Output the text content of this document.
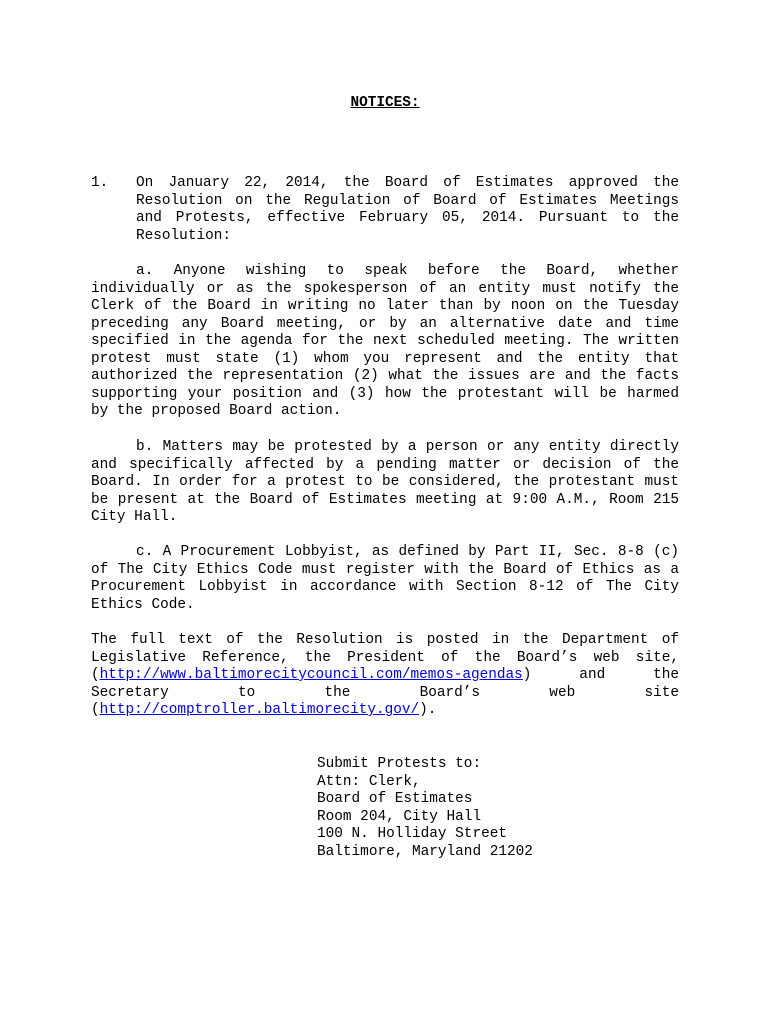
NOTICES:
1. On January 22, 2014, the Board of Estimates approved the Resolution on the Regulation of Board of Estimates Meetings and Protests, effective February 05, 2014. Pursuant to the Resolution:
a. Anyone wishing to speak before the Board, whether individually or as the spokesperson of an entity must notify the Clerk of the Board in writing no later than by noon on the Tuesday preceding any Board meeting, or by an alternative date and time specified in the agenda for the next scheduled meeting. The written protest must state (1) whom you represent and the entity that authorized the representation (2) what the issues are and the facts supporting your position and (3) how the protestant will be harmed by the proposed Board action.
b. Matters may be protested by a person or any entity directly and specifically affected by a pending matter or decision of the Board. In order for a protest to be considered, the protestant must be present at the Board of Estimates meeting at 9:00 A.M., Room 215 City Hall.
c. A Procurement Lobbyist, as defined by Part II, Sec. 8-8 (c) of The City Ethics Code must register with the Board of Ethics as a Procurement Lobbyist in accordance with Section 8-12 of The City Ethics Code.
The full text of the Resolution is posted in the Department of Legislative Reference, the President of the Board’s web site, (http://www.baltimorecitycouncil.com/memos-agendas) and the Secretary to the Board’s web site (http://comptroller.baltimorecity.gov/).
Submit Protests to:
Attn: Clerk,
Board of Estimates
Room 204, City Hall
100 N. Holliday Street
Baltimore, Maryland 21202
